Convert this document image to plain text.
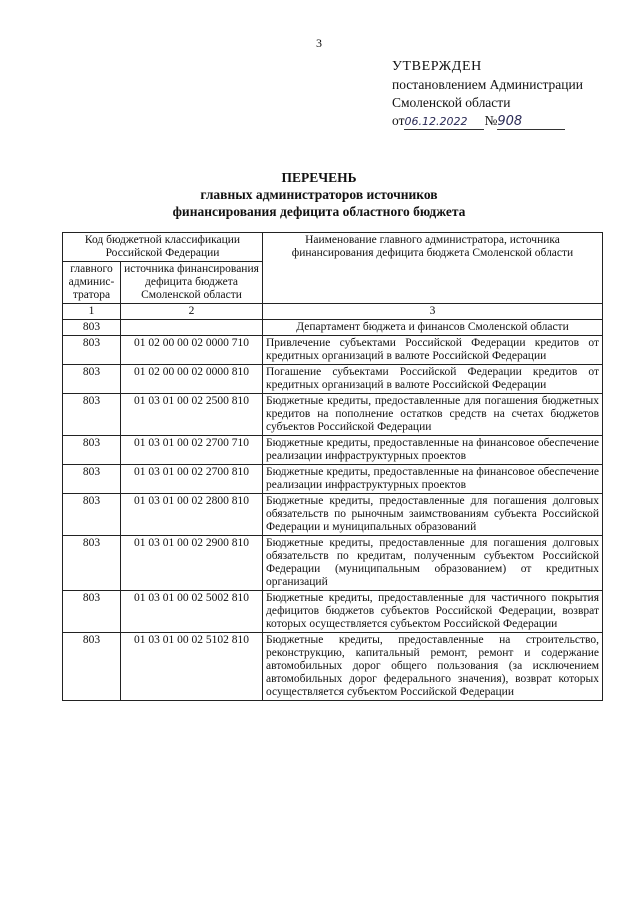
3
УТВЕРЖДЕН
постановлением Администрации
Смоленской области
от06.12.2022 №908
ПЕРЕЧЕНЬ
главных администраторов источников
финансирования дефицита областного бюджета
Код бюджетной классификации Российской Федерации		Наименование главного администратора, источника финансирования дефицита бюджета Смоленской области
главного админис-тратора	источника финансирования дефицита бюджета Смоленской области	
1	2	3
803		Департамент бюджета и финансов Смоленской области
803	01 02 00 00 02 0000 710	Привлечение субъектами Российской Федерации кредитов от кредитных организаций в валюте Российской Федерации
803	01 02 00 00 02 0000 810	Погашение субъектами Российской Федерации кредитов от кредитных организаций в валюте Российской Федерации
803	01 03 01 00 02 2500 810	Бюджетные кредиты, предоставленные для погашения бюджетных кредитов на пополнение остатков средств на счетах бюджетов субъектов Российской Федерации
803	01 03 01 00 02 2700 710	Бюджетные кредиты, предоставленные на финансовое обеспечение реализации инфраструктурных проектов
803	01 03 01 00 02 2700 810	Бюджетные кредиты, предоставленные на финансовое обеспечение реализации инфраструктурных проектов
803	01 03 01 00 02 2800 810	Бюджетные кредиты, предоставленные для погашения долговых обязательств по рыночным заимствованиям субъекта Российской Федерации и муниципальных образований
803	01 03 01 00 02 2900 810	Бюджетные кредиты, предоставленные для погашения долговых обязательств по кредитам, полученным субъектом Российской Федерации (муниципальным образованием) от кредитных организаций
803	01 03 01 00 02 5002 810	Бюджетные кредиты, предоставленные для частичного покрытия дефицитов бюджетов субъектов Российской Федерации, возврат которых осуществляется субъектом Российской Федерации
803	01 03 01 00 02 5102 810	Бюджетные кредиты, предоставленные на строительство, реконструкцию, капитальный ремонт, ремонт и содержание автомобильных дорог общего пользования (за исключением автомобильных дорог федерального значения), возврат которых осуществляется субъектом Российской Федерации
